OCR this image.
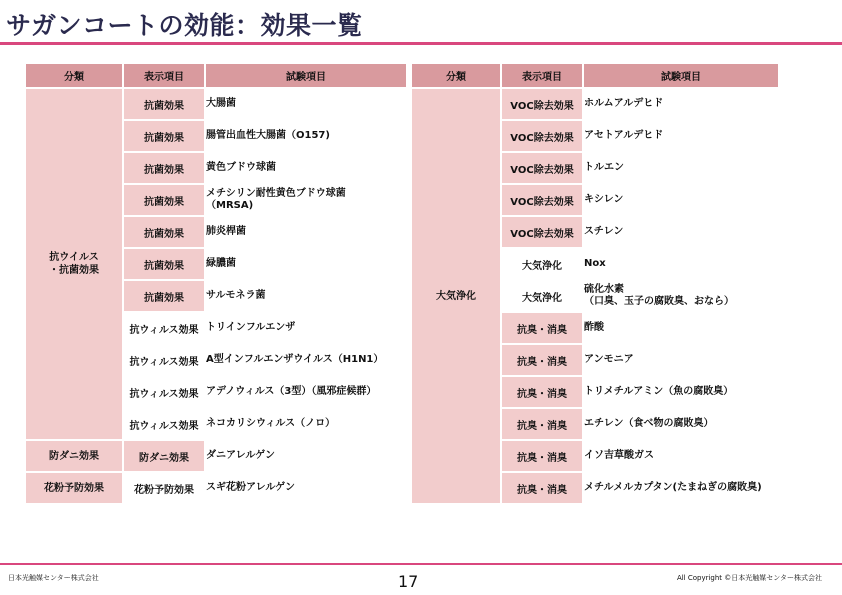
サガンコートの効能：効果一覧
分類	表示項目	試験項目
抗ウイルス
・抗菌効果	抗菌効果	大腸菌
	抗菌効果	腸管出血性大腸菌（O157)
	抗菌効果	黄色ブドウ球菌
	抗菌効果	メチシリン耐性黄色ブドウ球菌
（MRSA)
	抗菌効果	肺炎桿菌
	抗菌効果	緑膿菌
	抗菌効果	サルモネラ菌
	抗ウィルス効果	トリインフルエンザ
	抗ウィルス効果	A型インフルエンザウイルス（H1N1）
	抗ウィルス効果	アデノウィルス（3型）（風邪症候群）
	抗ウィルス効果	ネコカリシウィルス（ノロ）
防ダニ効果	防ダニ効果	ダニアレルゲン
花粉予防効果	花粉予防効果	スギ花粉アレルゲン
分類	表示項目	試験項目
大気浄化	VOC除去効果	ホルムアルデヒド
	VOC除去効果	アセトアルデヒド
	VOC除去効果	トルエン
	VOC除去効果	キシレン
	VOC除去効果	スチレン
	大気浄化	Nox
	大気浄化	硫化水素
（口臭、玉子の腐敗臭、おなら）
	抗臭・消臭	酢酸
	抗臭・消臭	アンモニア
	抗臭・消臭	トリメチルアミン（魚の腐敗臭）
	抗臭・消臭	エチレン（食べ物の腐敗臭）
	抗臭・消臭	イソ吉草酸ガス
	抗臭・消臭	メチルメルカプタン(たまねぎの腐敗臭)
日本光触媒センター株式会社	17	All Copyright ©日本光触媒センター株式会社
